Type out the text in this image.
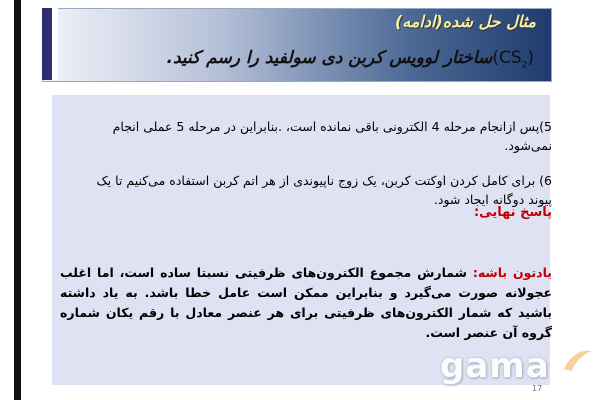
مثال حل شده(ادامه)
$(CS_2)ساختار$ لوویس کربن دی سولفید را رسم کنید.
5)پس ازانجام مرحله 4 الکترونی باقی نمانده است، .بنابراین در مرحله 5 عملی انجام نمی‌شود.
6) برای کامل کردن اوکتت کربن، یک زوج ناپیوندی از هر اتم کربن استفاده می‌کنیم تا یک پیوند دوگانه ایجاد شود.
پاسخ نهایی:
یادتون باشه: شمارش مجموع الکترون‌های ظرفیتی نسبتا ساده است، اما اغلب عجولانه صورت می‌گیرد و بنابراین ممکن است عامل خطا باشد. به یاد داشته باشید که شمار الکترون‌های ظرفیتی برای هر عنصر معادل با رقم یکان شماره گروه آن عنصر است.
gama
17
